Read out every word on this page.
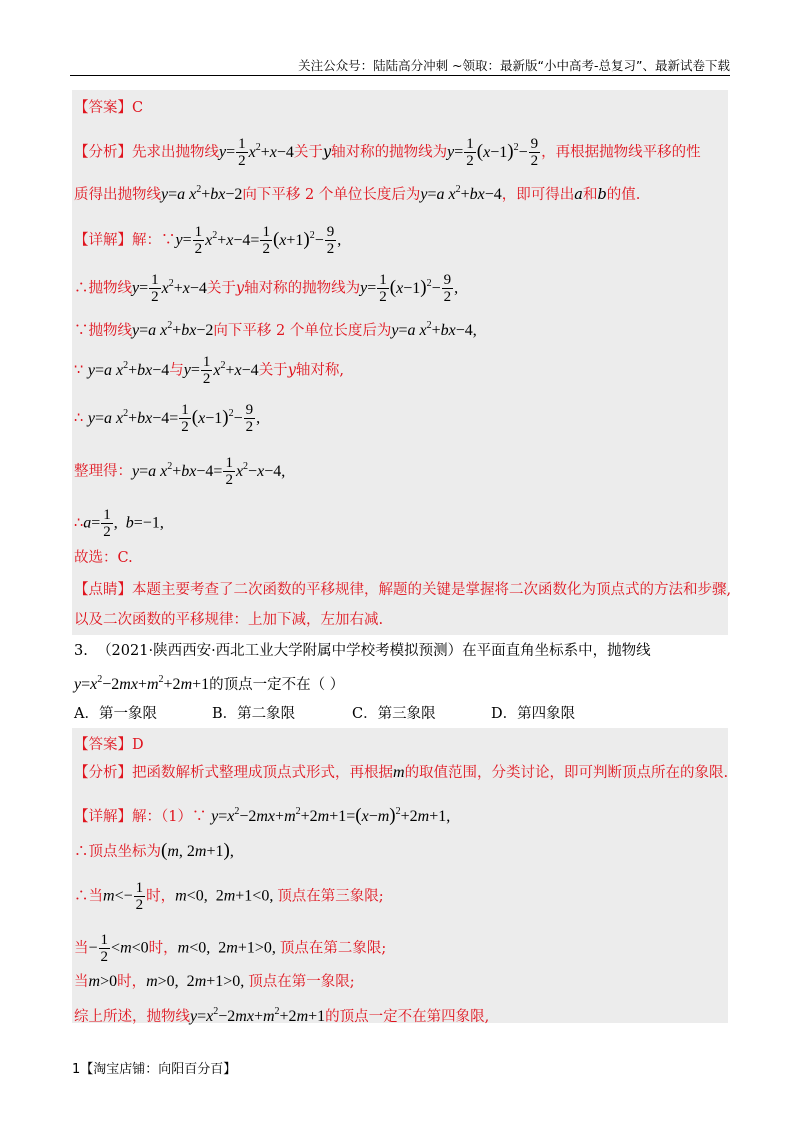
关注公众号：陆陆高分冲刺 ~领取：最新版“小中高考-总复习”、最新试卷下载
【答案】C
【分析】先求出抛物线$y= \frac{1}{2} x^2+x-4$关于y轴对称的抛物线为$y= \frac{1}{2} (x-1)^2- \frac{9}{2}$ ，再根据抛物线平移的性
质得出抛物线y=a $x^2+bx-2$向下平移 2 个单位长度后为y=a $x^2+bx-4$，即可得出a和b的值.
【详解】解：∵y= $\frac{1}{2} x^2+x-4= \frac{1}{2} (x+1)^2- \frac{9}{2}$ ,
∴抛物线$y= \frac{1}{2} x^2+x-4$关于y轴对称的抛物线为$y= \frac{1}{2} (x-1)^2- \frac{9}{2}$ ,
∵抛物线y=a $x^2+bx-2$向下平移 2 个单位长度后为y=a $x^2+bx-4$,
∵ y=a $x^2+bx-4$与$y= \frac{1}{2} x^2+x-4$关于y轴对称,
∴ y=a $x^2+bx-4= \frac{1}{2} (x-1)^2- \frac{9}{2}$ ,
整理得：y=a $x^2+bx-4= \frac{1}{2} x^2-x-4$,
∴a= $\frac{1}{2}$ ,  b=−1,
故选：C.
【点睛】本题主要考查了二次函数的平移规律，解题的关键是掌握将二次函数化为顶点式的方法和步骤,
以及二次函数的平移规律：上加下减，左加右减.
3. （2021·陕西西安·西北工业大学附属中学校考模拟预测）在平面直角坐标系中，抛物线
$y=x^2-2mx+m^2+2m+1$的顶点一定不在（ ）
A．第一象限	B．第二象限	C．第三象限	D．第四象限
【答案】D
【分析】把函数解析式整理成顶点式形式，再根据m的取值范围，分类讨论，即可判断顶点所在的象限.
【详解】解：（1）∵ $y=x^2-2mx+m^2+2m+1=(x-m)^2+2m+1$,
∴顶点坐标为(m, 2m+1),
∴当$m<- \frac{1}{2}$ 时，m<0,  2m+1<0, 顶点在第三象限;
当− $\frac{1}{2} <m<0$时，m<0,  2m+1>0, 顶点在第二象限;
当m>0时，m>0,  2m+1>0, 顶点在第一象限;
综上所述，抛物线$y=x^2-2mx+m^2+2m+1$的顶点一定不在第四象限,
1【淘宝店铺：向阳百分百】
